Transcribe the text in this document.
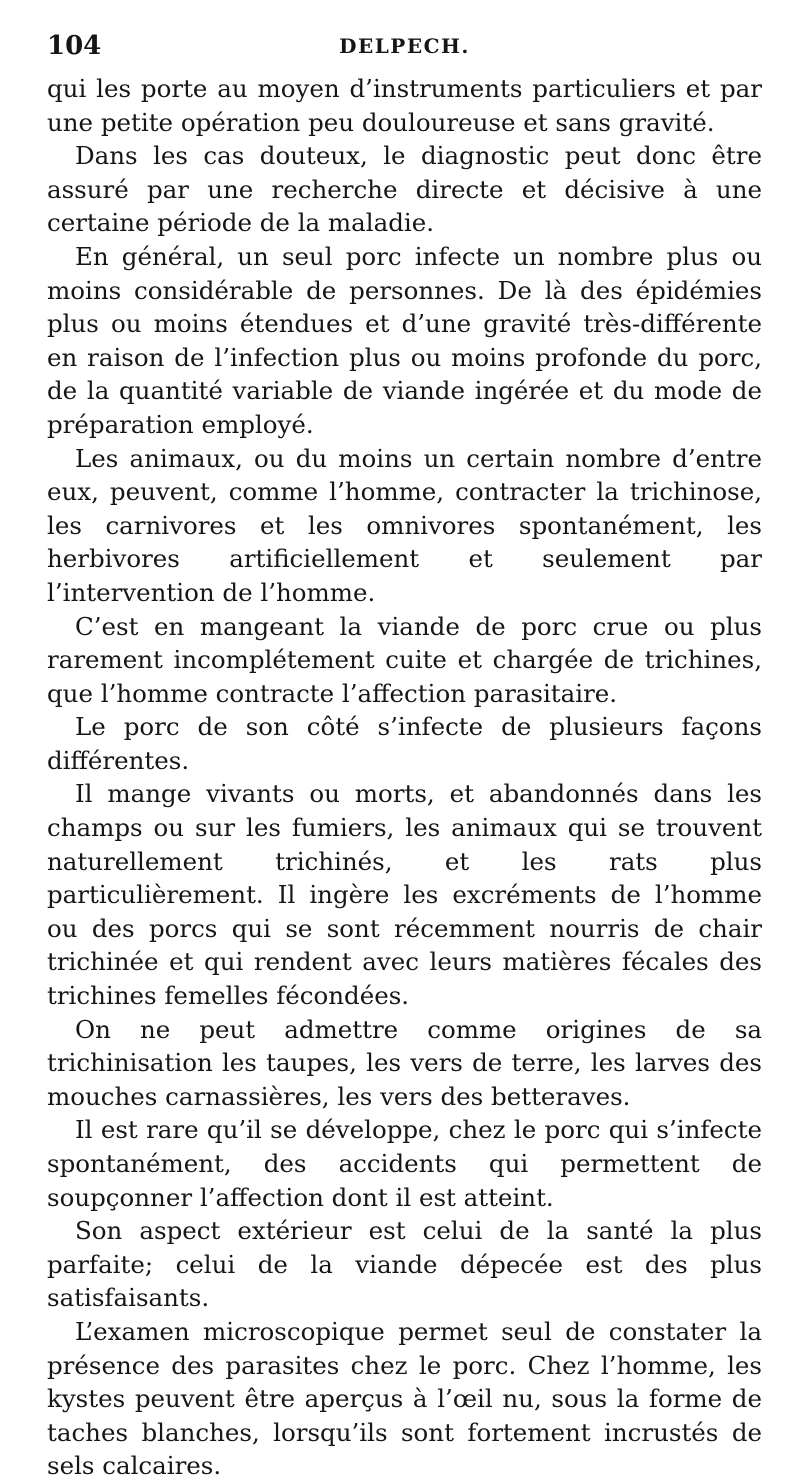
104	DELPECH.

qui les porte au moyen d’instruments particuliers et par une petite opération peu douloureuse et sans gravité.

Dans les cas douteux, le diagnostic peut donc être assuré par une recherche directe et décisive à une certaine période de la maladie.

En général, un seul porc infecte un nombre plus ou moins considérable de personnes. De là des épidémies plus ou moins étendues et d’une gravité très-différente en raison de l’infection plus ou moins profonde du porc, de la quantité variable de viande ingérée et du mode de préparation employé.

Les animaux, ou du moins un certain nombre d’entre eux, peuvent, comme l’homme, contracter la trichinose, les carnivores et les omnivores spontanément, les herbivores artificiellement et seulement par l’intervention de l’homme.

C’est en mangeant la viande de porc crue ou plus rarement incomplétement cuite et chargée de trichines, que l’homme contracte l’affection parasitaire.

Le porc de son côté s’infecte de plusieurs façons différentes.

Il mange vivants ou morts, et abandonnés dans les champs ou sur les fumiers, les animaux qui se trouvent naturellement trichinés, et les rats plus particulièrement. Il ingère les excréments de l’homme ou des porcs qui se sont récemment nourris de chair trichinée et qui rendent avec leurs matières fécales des trichines femelles fécondées.

On ne peut admettre comme origines de sa trichinisation les taupes, les vers de terre, les larves des mouches carnassières, les vers des betteraves.

Il est rare qu’il se développe, chez le porc qui s’infecte spontanément, des accidents qui permettent de soupçonner l’affection dont il est atteint.

Son aspect extérieur est celui de la santé la plus parfaite; celui de la viande dépecée est des plus satisfaisants.

L’examen microscopique permet seul de constater la présence des parasites chez le porc. Chez l’homme, les kystes peuvent être aperçus à l’œil nu, sous la forme de taches blanches, lorsqu’ils sont fortement incrustés de sels calcaires.
